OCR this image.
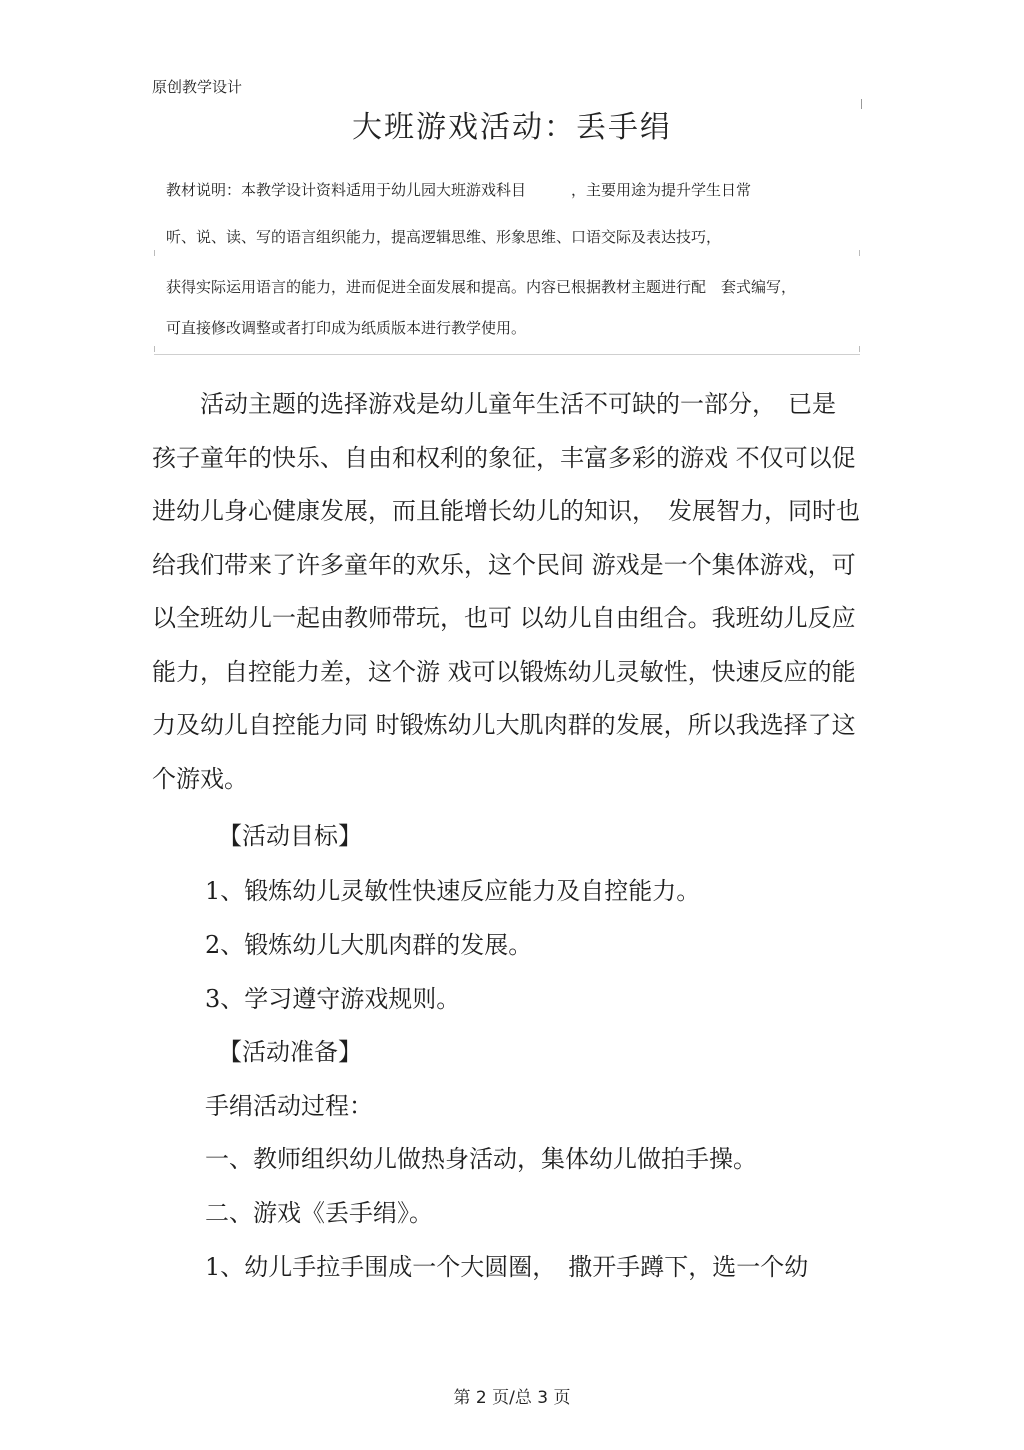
原创教学设计
大班游戏活动：丢手绢
教材说明：本教学设计资料适用于幼儿园大班游戏科目　　　，主要用途为提升学生日常
听、说、读、写的语言组织能力，提高逻辑思维、形象思维、口语交际及表达技巧，
获得实际运用语言的能力，进而促进全面发展和提高。内容已根据教材主题进行配　套式编写，
可直接修改调整或者打印成为纸质版本进行教学使用。
　　活动主题的选择游戏是幼儿童年生活不可缺的一部分，　已是
孩子童年的快乐、自由和权利的象征，丰富多彩的游戏 不仅可以促
进幼儿身心健康发展，而且能增长幼儿的知识，　发展智力，同时也
给我们带来了许多童年的欢乐，这个民间 游戏是一个集体游戏，可
以全班幼儿一起由教师带玩，也可 以幼儿自由组合。我班幼儿反应
能力，自控能力差，这个游 戏可以锻炼幼儿灵敏性，快速反应的能
力及幼儿自控能力同 时锻炼幼儿大肌肉群的发展，所以我选择了这
个游戏。
【活动目标】
1、锻炼幼儿灵敏性快速反应能力及自控能力。
2、锻炼幼儿大肌肉群的发展。
3、学习遵守游戏规则。
【活动准备】
手绢活动过程：
一、教师组织幼儿做热身活动，集体幼儿做拍手操。
二、游戏《丢手绢》。
1、幼儿手拉手围成一个大圆圈，　撒开手蹲下，选一个幼
第 2 页/总 3 页
